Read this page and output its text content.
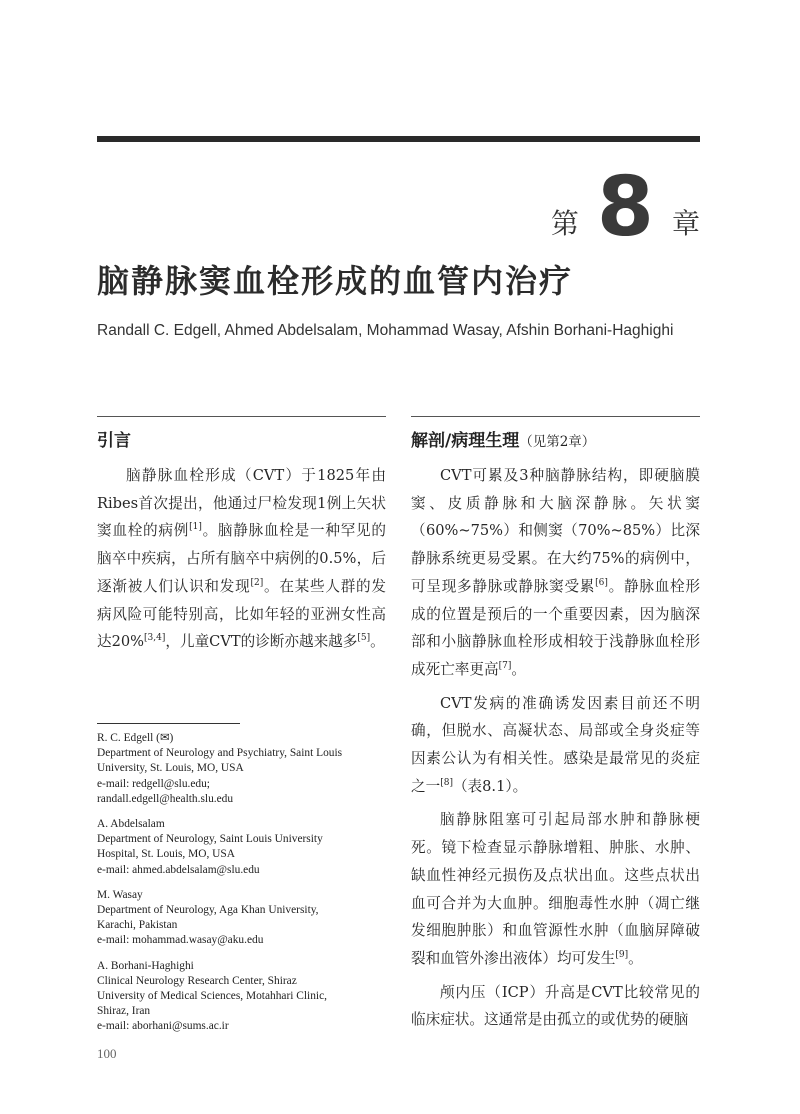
第 8 章
脑静脉窦血栓形成的血管内治疗
Randall C. Edgell, Ahmed Abdelsalam, Mohammad Wasay, Afshin Borhani-Haghighi
引言	解剖/病理生理（见第2章）

脑静脉血栓形成（CVT）于1825年由Ribes首次提出，他通过尸检发现1例上矢状窦血栓的病例[1]。脑静脉血栓是一种罕见的脑卒中疾病，占所有脑卒中病例的0.5%，后逐渐被人们认识和发现[2]。在某些人群的发病风险可能特别高，比如年轻的亚洲女性高达20%[3,4]，儿童CVT的诊断亦越来越多[5]。

CVT可累及3种脑静脉结构，即硬脑膜窦、皮质静脉和大脑深静脉。矢状窦（60%~75%）和侧窦（70%~85%）比深静脉系统更易受累。在大约75%的病例中，可呈现多静脉或静脉窦受累[6]。静脉血栓形成的位置是预后的一个重要因素，因为脑深部和小脑静脉血栓形成相较于浅静脉血栓形成死亡率更高[7]。

CVT发病的准确诱发因素目前还不明确，但脱水、高凝状态、局部或全身炎症等因素公认为有相关性。感染是最常见的炎症之一[8]（表8.1）。

脑静脉阻塞可引起局部水肿和静脉梗死。镜下检查显示静脉增粗、肿胀、水肿、缺血性神经元损伤及点状出血。这些点状出血可合并为大血肿。细胞毒性水肿（凋亡继发细胞肿胀）和血管源性水肿（血脑屏障破裂和血管外渗出液体）均可发生[9]。

颅内压（ICP）升高是CVT比较常见的临床症状。这通常是由孤立的或优势的硬脑

R. C. Edgell (✉)
Department of Neurology and Psychiatry, Saint Louis
University, St. Louis, MO, USA
e-mail: redgell@slu.edu;
randall.edgell@health.slu.edu
A. Abdelsalam
Department of Neurology, Saint Louis University
Hospital, St. Louis, MO, USA
e-mail: ahmed.abdelsalam@slu.edu
M. Wasay
Department of Neurology, Aga Khan University,
Karachi, Pakistan
e-mail: mohammad.wasay@aku.edu
A. Borhani-Haghighi
Clinical Neurology Research Center, Shiraz
University of Medical Sciences, Motahhari Clinic,
Shiraz, Iran
e-mail: aborhani@sums.ac.ir
100
